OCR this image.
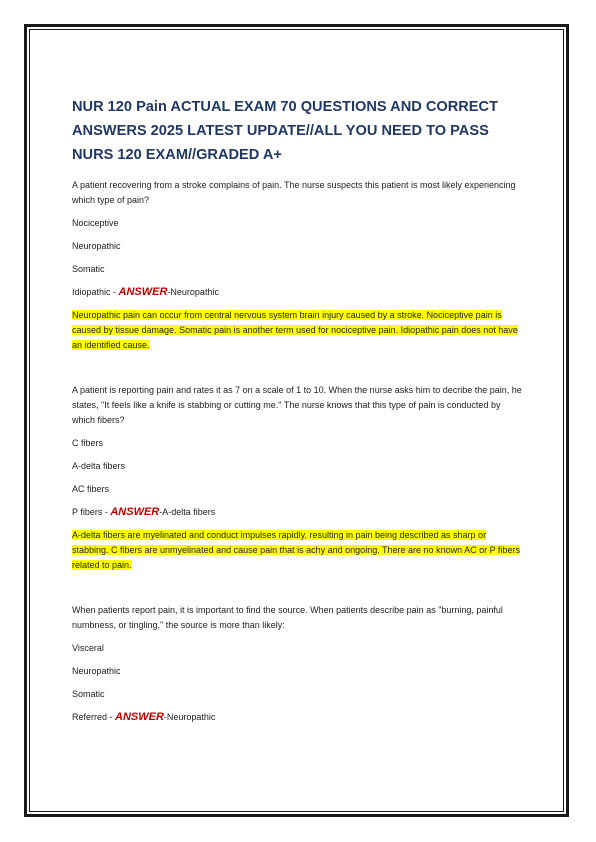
NUR 120 Pain ACTUAL EXAM 70 QUESTIONS AND CORRECT ANSWERS 2025 LATEST UPDATE//ALL YOU NEED TO PASS NURS 120 EXAM//GRADED A+

A patient recovering from a stroke complains of pain. The nurse suspects this patient is most likely experiencing which type of pain?

Nociceptive

Neuropathic

Somatic

Idiopathic - ANSWER-Neuropathic

Neuropathic pain can occur from central nervous system brain injury caused by a stroke. Nociceptive pain is caused by tissue damage. Somatic pain is another term used for nociceptive pain. Idiopathic pain does not have an identified cause.

A patient is reporting pain and rates it as 7 on a scale of 1 to 10. When the nurse asks him to decribe the pain, he states, "It feels like a knife is stabbing or cutting me." The nurse knows that this type of pain is conducted by which fibers?

C fibers

A-delta fibers

AC fibers

P fibers - ANSWER-A-delta fibers

A-delta fibers are myelinated and conduct impulses rapidly, resulting in pain being described as sharp or stabbing. C fibers are unmyelinated and cause pain that is achy and ongoing. There are no known AC or P fibers related to pain.

When patients report pain, it is important to find the source. When patients describe pain as "burning, painful numbness, or tingling," the source is more than likely:

Visceral

Neuropathic

Somatic

Referred - ANSWER-Neuropathic
